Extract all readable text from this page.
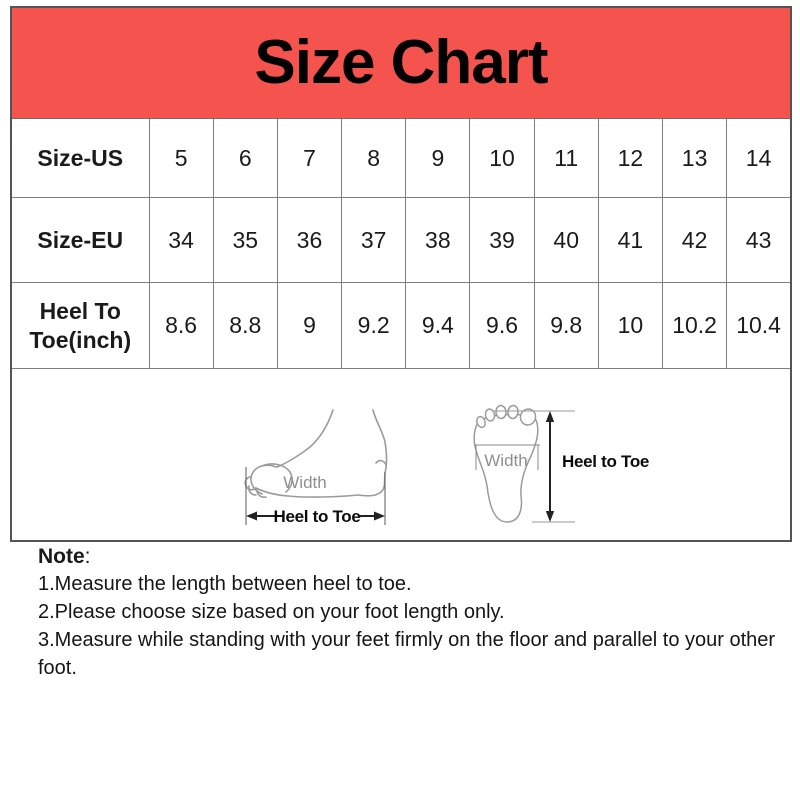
Size Chart										
Size-US	5	6	7	8	9	10	11	12	13	14
Size-EU	34	35	36	37	38	39	40	41	42	43
Heel To Toe(inch)	8.6	8.8	9	9.2	9.4	9.6	9.8	10	10.2	10.4

Width
Heel to Toe
Width Heel to Toe										
Note:
1.Measure the length between heel to toe.
2.Please choose size based on your foot length only.
3.Measure while standing with your feet firmly on the floor and parallel to your other foot.
